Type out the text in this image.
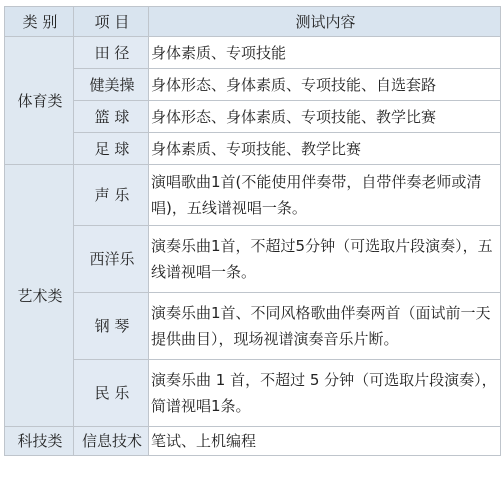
类 别	项 目	测试内容
体育类	田 径	身体素质、专项技能
	健美操	身体形态、身体素质、专项技能、自选套路
	篮 球	身体形态、身体素质、专项技能、教学比赛
	足 球	身体素质、专项技能、教学比赛
艺术类	声 乐	演唱歌曲1首(不能使用伴奏带，自带伴奏老师或清唱)，五线谱视唱一条。
	西洋乐	演奏乐曲1首，不超过5分钟（可选取片段演奏），五线谱视唱一条。
	钢 琴	演奏乐曲1首、不同风格歌曲伴奏两首（面试前一天提供曲目），现场视谱演奏音乐片断。
	民 乐	演奏乐曲 1 首，不超过 5 分钟（可选取片段演奏），简谱视唱1条。
科技类	信息技术	笔试、上机编程
